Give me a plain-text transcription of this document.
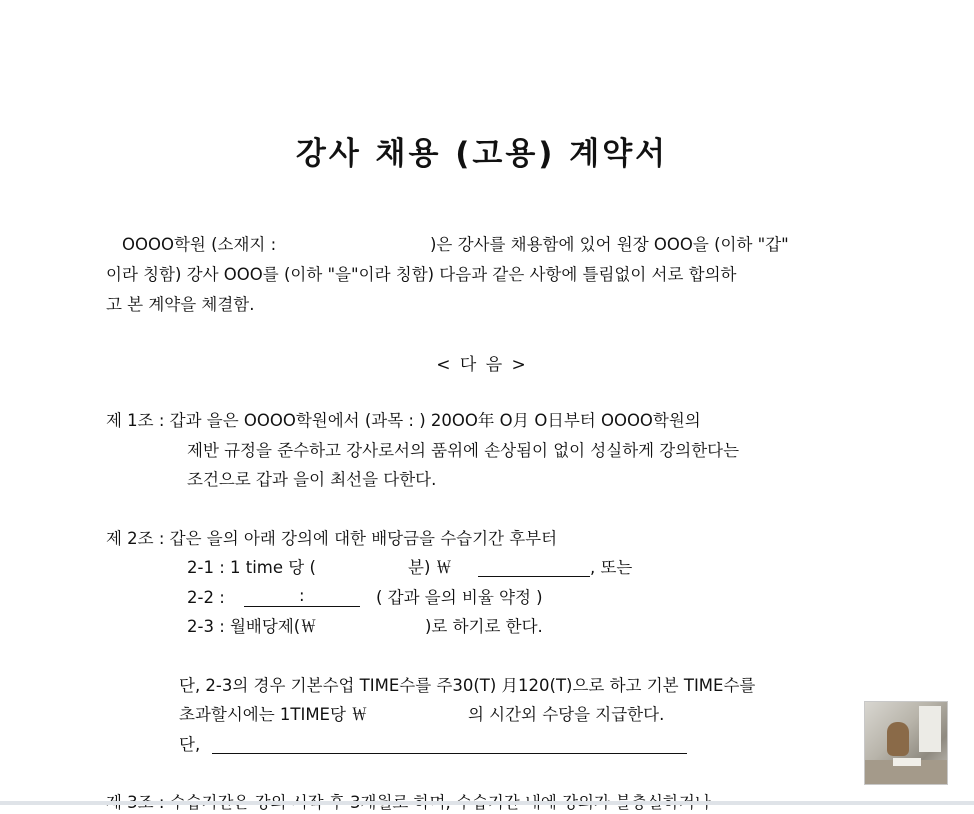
강사 채용 (고용) 계약서
OOOO학원 (소재지 :	)은 강사를 채용함에 있어 원장 OOO을 (이하 "갑"
이라 칭함) 강사 OOO를 (이하 "을"이라 칭함) 다음과 같은 사항에 틀림없이 서로 합의하
고 본 계약을 체결함.
< 다 음 >
제 1조 : 갑과 을은 OOOO학원에서 (과목 : ) 20OO年 O月 O日부터 OOOO학원의
제반 규정을 준수하고 강사로서의 품위에 손상됨이 없이 성실하게 강의한다는
조건으로 갑과 을이 최선을 다한다.
제 2조 : 갑은 을의 아래 강의에 대한 배당금을 수습기간 후부터
2-1 : 1 time 당 (	분) ￦	, 또는
2-2 :	:	( 갑과 을의 비율 약정 )
2-3 : 월배당제(￦	)로 하기로 한다.
단, 2-3의 경우 기본수업 TIME수를 주30(T) 月120(T)으로 하고 기본 TIME수를
초과할시에는 1TIME당 ￦	의 시간외 수당을 지급한다.
단,
